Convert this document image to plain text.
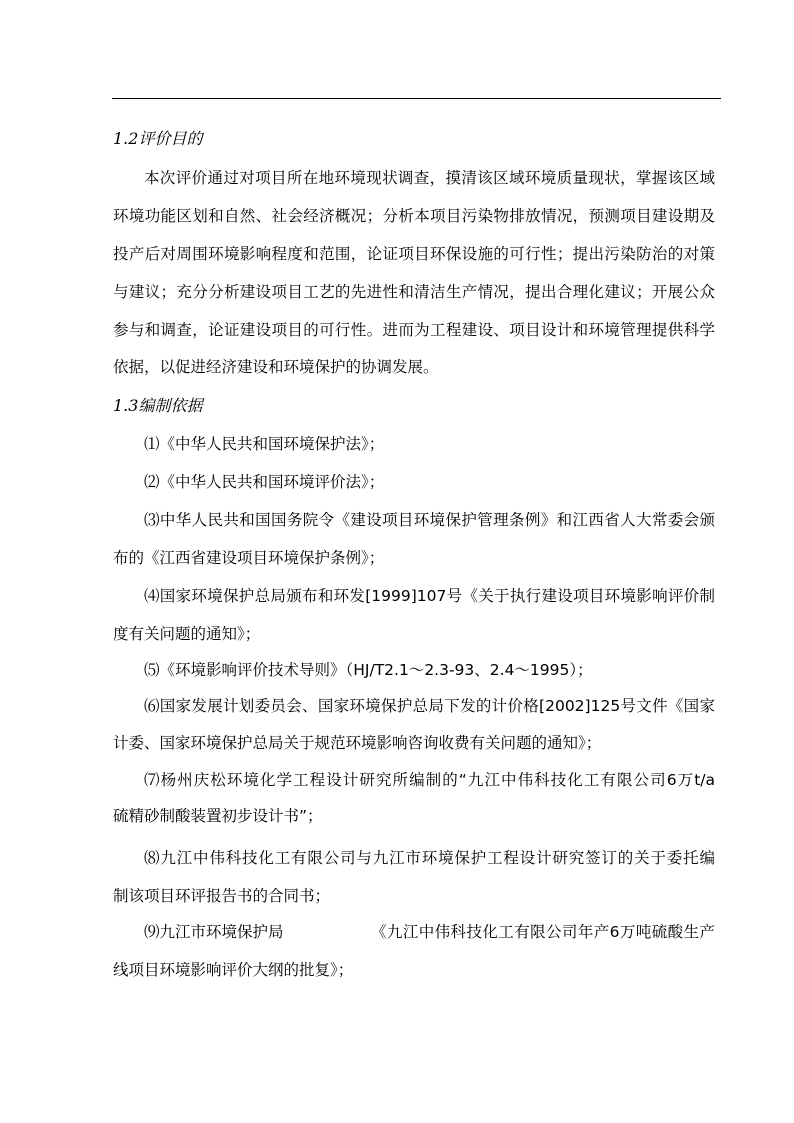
1.2评价目的
本次评价通过对项目所在地环境现状调查，摸清该区域环境质量现状，掌握该区域
环境功能区划和自然、社会经济概况；分析本项目污染物排放情况，预测项目建设期及
投产后对周围环境影响程度和范围，论证项目环保设施的可行性；提出污染防治的对策
与建议；充分分析建设项目工艺的先进性和清洁生产情况，提出合理化建议；开展公众
参与和调查，论证建设项目的可行性。进而为工程建设、项目设计和环境管理提供科学
依据，以促进经济建设和环境保护的协调发展。
1.3编制依据
⑴《中华人民共和国环境保护法》；
⑵《中华人民共和国环境评价法》；
⑶中华人民共和国国务院令《建设项目环境保护管理条例》和江西省人大常委会颁
布的《江西省建设项目环境保护条例》；
⑷国家环境保护总局颁布和环发[1999]107号《关于执行建设项目环境影响评价制
度有关问题的通知》；
⑸《环境影响评价技术导则》（HJ/T2.1～2.3-93、2.4～1995）；
⑹国家发展计划委员会、国家环境保护总局下发的计价格[2002]125号文件《国家
计委、国家环境保护总局关于规范环境影响咨询收费有关问题的通知》；
⑺杨州庆松环境化学工程设计研究所编制的“九江中伟科技化工有限公司6万t/a
硫精砂制酸装置初步设计书”；
⑻九江中伟科技化工有限公司与九江市环境保护工程设计研究签订的关于委托编
制该项目环评报告书的合同书；
⑼九江市环境保护局	《九江中伟科技化工有限公司年产6万吨硫酸生产
线项目环境影响评价大纲的批复》；
